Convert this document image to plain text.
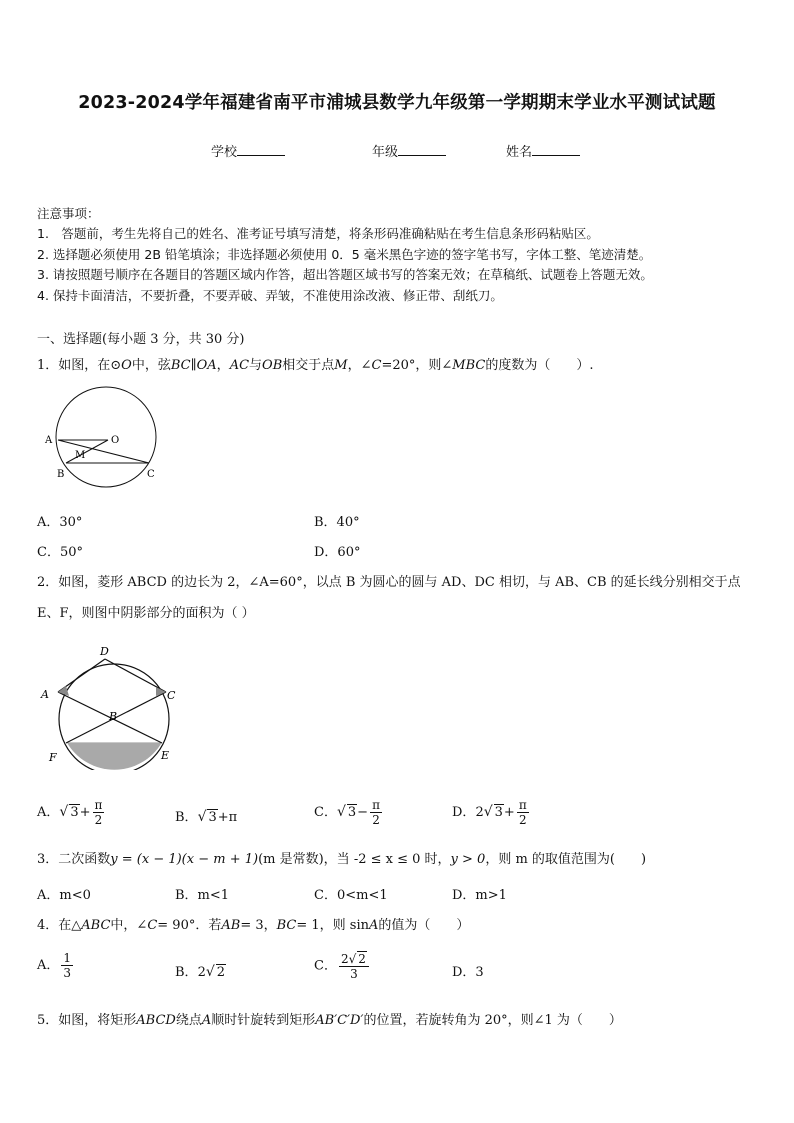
2023-2024学年福建省南平市浦城县数学九年级第一学期期末学业水平测试试题
学校	年级	姓名
注意事项：
1.　答题前，考生先将自己的姓名、准考证号填写清楚，将条形码准确粘贴在考生信息条形码粘贴区。
2. 选择题必须使用 2B 铅笔填涂；非选择题必须使用 0．5 毫米黑色字迹的签字笔书写，字体工整、笔迹清楚。
3. 请按照题号顺序在各题目的答题区域内作答，超出答题区域书写的答案无效；在草稿纸、试题卷上答题无效。
4. 保持卡面清洁，不要折叠，不要弄破、弄皱，不准使用涂改液、修正带、刮纸刀。
一、选择题(每小题 3 分，共 30 分)
1．如图，在⊙O中，弦BC∥OA，AC与OB相交于点M，∠C=20°，则∠MBC的度数为（　　）.
A	O
M
B	C
A．30°	B．40°
C．50°	D．60°
2．如图，菱形 ABCD 的边长为 2，∠A=60°，以点 B 为圆心的圆与 AD、DC 相切，与 AB、CB 的延长线分别相交于点
E、F，则图中阴影部分的面积为（ ）
D
A	C
B
F	E
A．√ $3+ \frac{\pi}{2}$	B．√ 3+π	C．√ $3- \frac{\pi}{2}$	D．2√ $3+ \frac{\pi}{2}$
3．二次函数y = (x − 1)(x − m + 1)(m 是常数)，当 -2 ≤ x ≤ 0 时，y > 0，则 m 的取值范围为(　　)
A．m<0	B．m<1	C．0<m<1	D．m>1
4．在△ABC中，∠C= 90°．若AB= 3，BC= 1，则 sinA的值为（　　）
A． $\frac{1}{3}$	B．2√ 2	C． $\frac{2√ 2}{3}$	D．3
5．如图，将矩形ABCD绕点A顺时针旋转到矩形AB′C′D′的位置，若旋转角为 20°，则∠1 为（　　）
